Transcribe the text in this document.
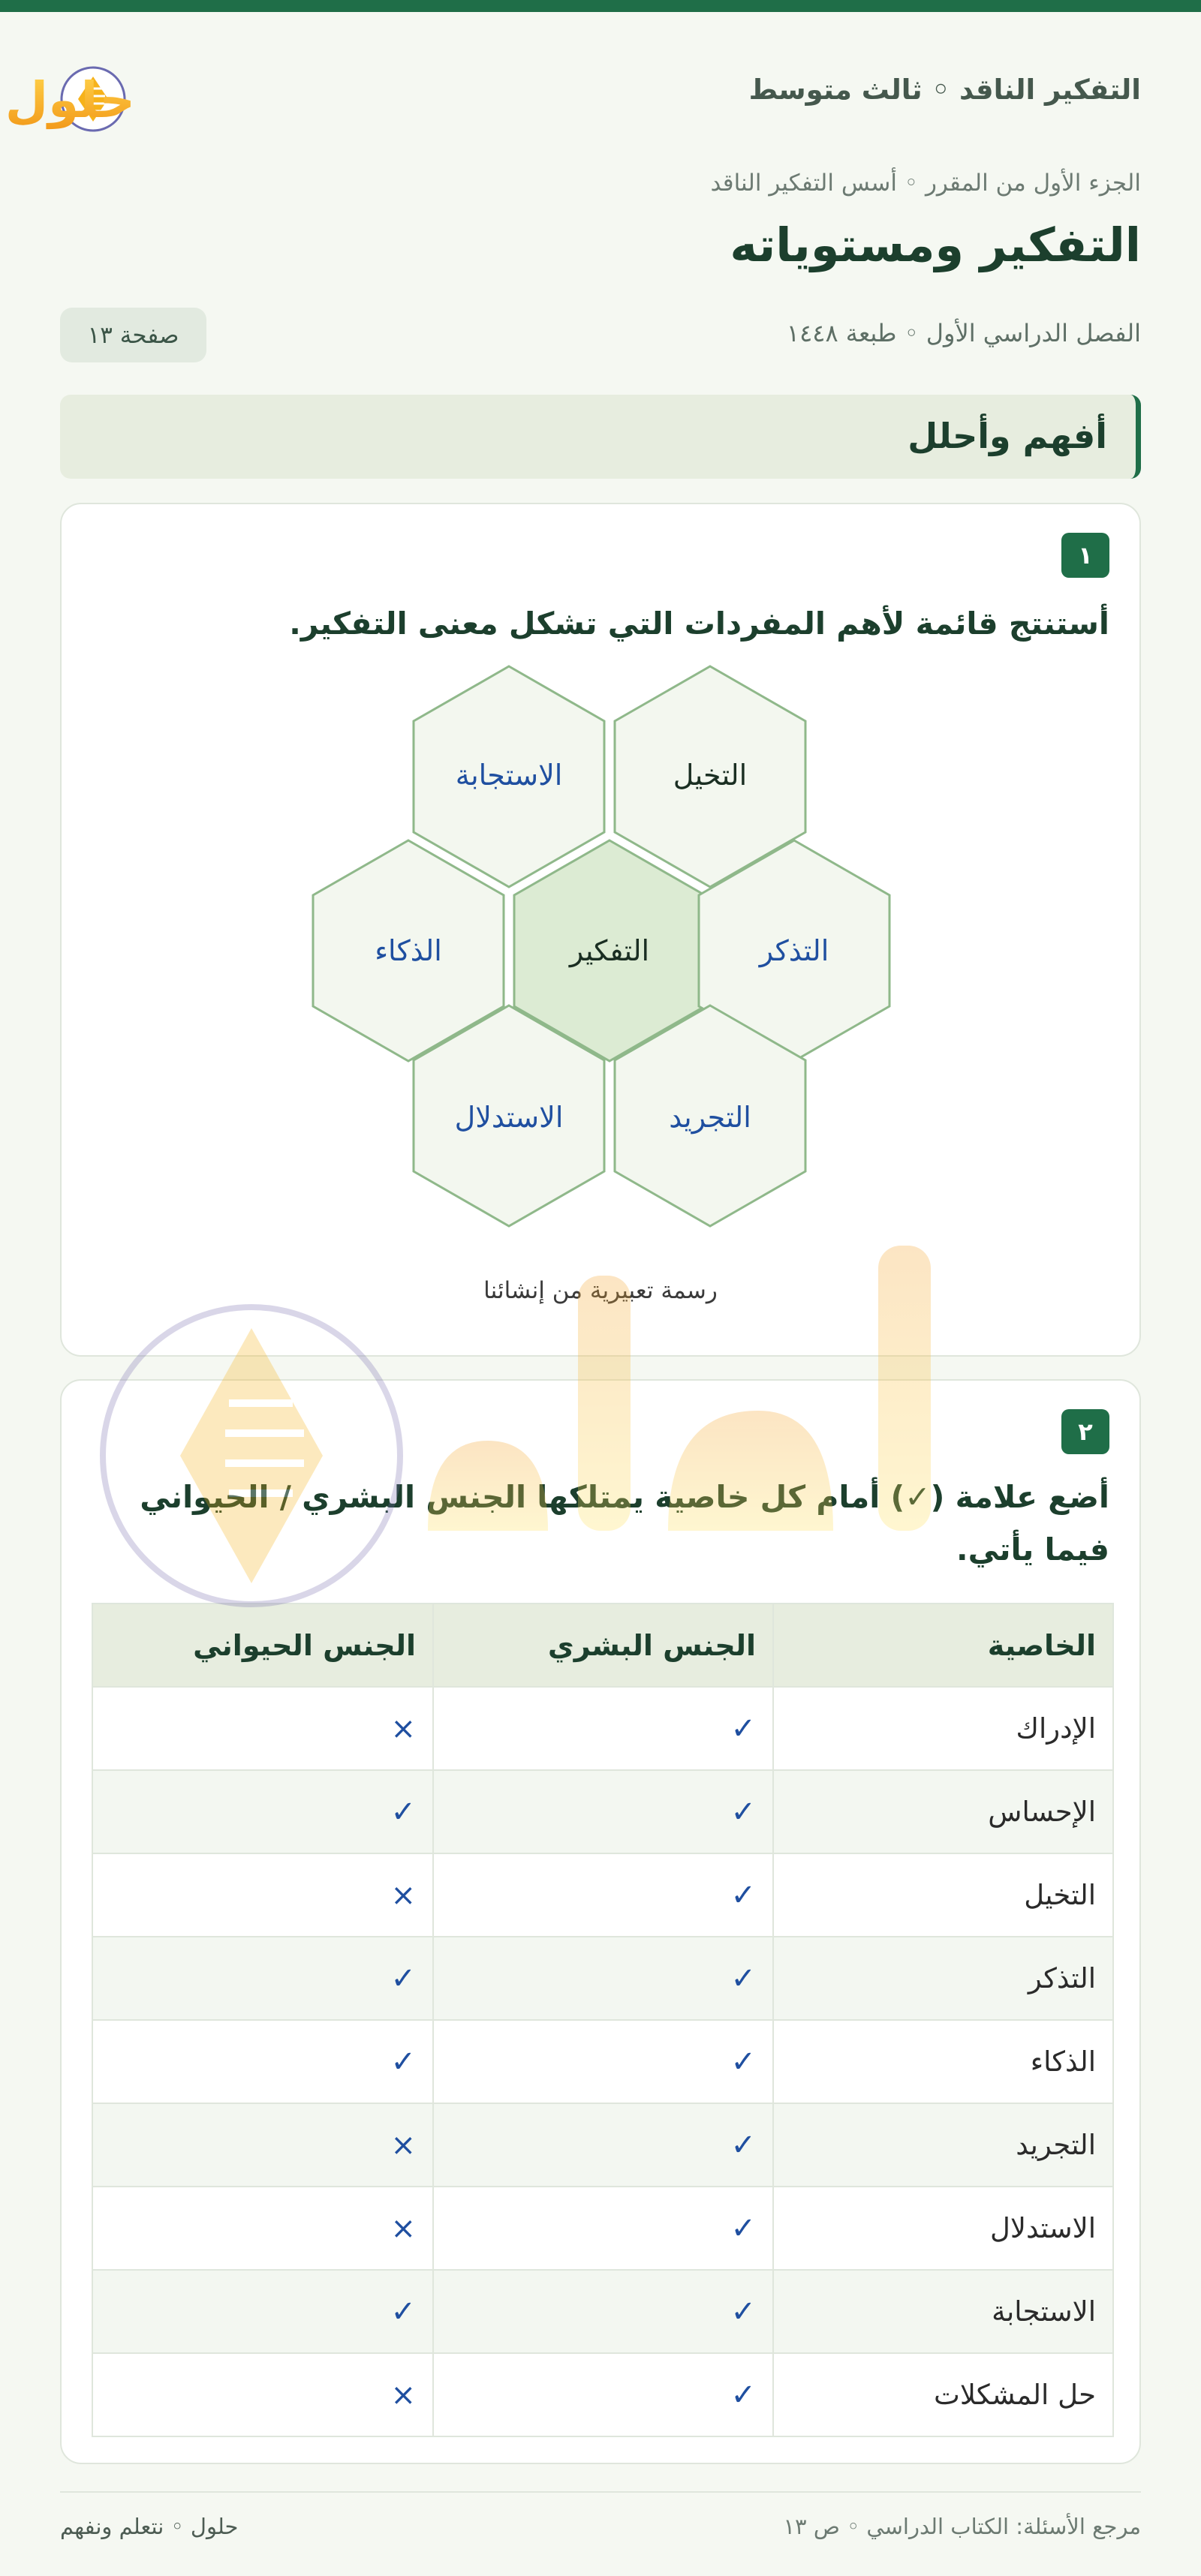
التفكير الناقد ◦ ثالث متوسط
حلول
الجزء الأول من المقرر ◦ أسس التفكير الناقد
التفكير ومستوياته
الفصل الدراسي الأول ◦ طبعة ١٤٤٨
صفحة ١٣
أفهم وأحلل
١
أستنتج قائمة لأهم المفردات التي تشكل معنى التفكير.
الاستجابة	التخيل
الذكاء	التفكير	التذكر
الاستدلال	التجريد
رسمة تعبيرية من إنشائنا
٢
أضع علامة (✓) أمام كل خاصية يمتلكها الجنس البشري / الحيواني فيما يأتي.
الخاصية	الجنس البشري	الجنس الحيواني
الإدراك	✓	×
الإحساس	✓	✓
التخيل	✓	×
التذكر	✓	✓
الذكاء	✓	✓
التجريد	✓	×
الاستدلال	✓	×
الاستجابة	✓	✓
حل المشكلات	✓	×
مرجع الأسئلة: الكتاب الدراسي ◦ ص ١٣
حلول ◦ نتعلم ونفهم
